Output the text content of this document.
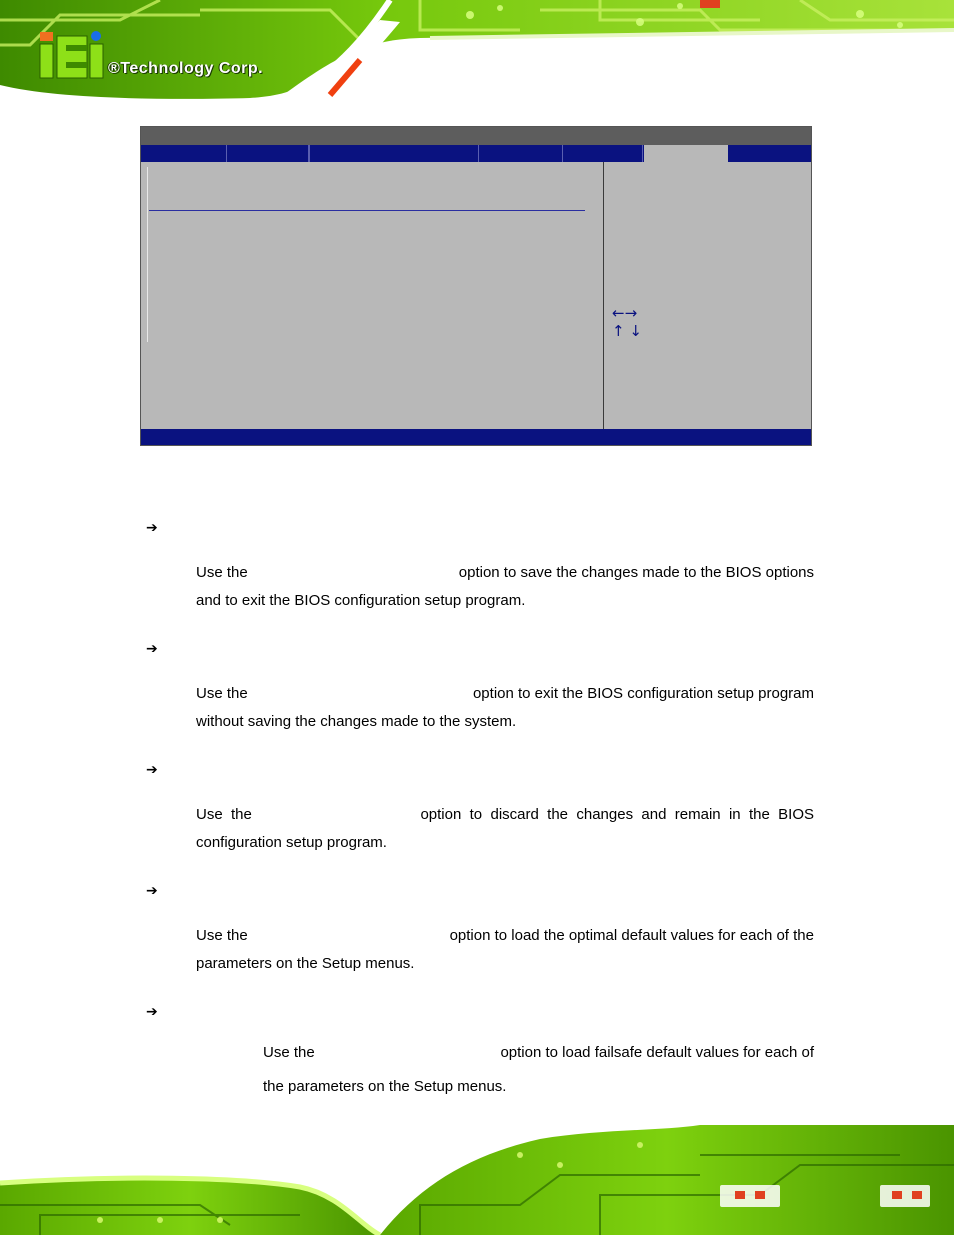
®Technology Corp.
←→
↑ ↓
➔
Use the	option to save the changes made to the BIOS options
and to exit the BIOS configuration setup program.
➔
Use the	option to exit the BIOS configuration setup program
without saving the changes made to the system.
➔
Use  the	option  to  discard  the  changes  and  remain  in  the  BIOS
configuration setup program.
➔
Use the	option to load the optimal default values for each of the
parameters on the Setup menus.
➔
Use the	option to load failsafe default values for each of
the parameters on the Setup menus.
